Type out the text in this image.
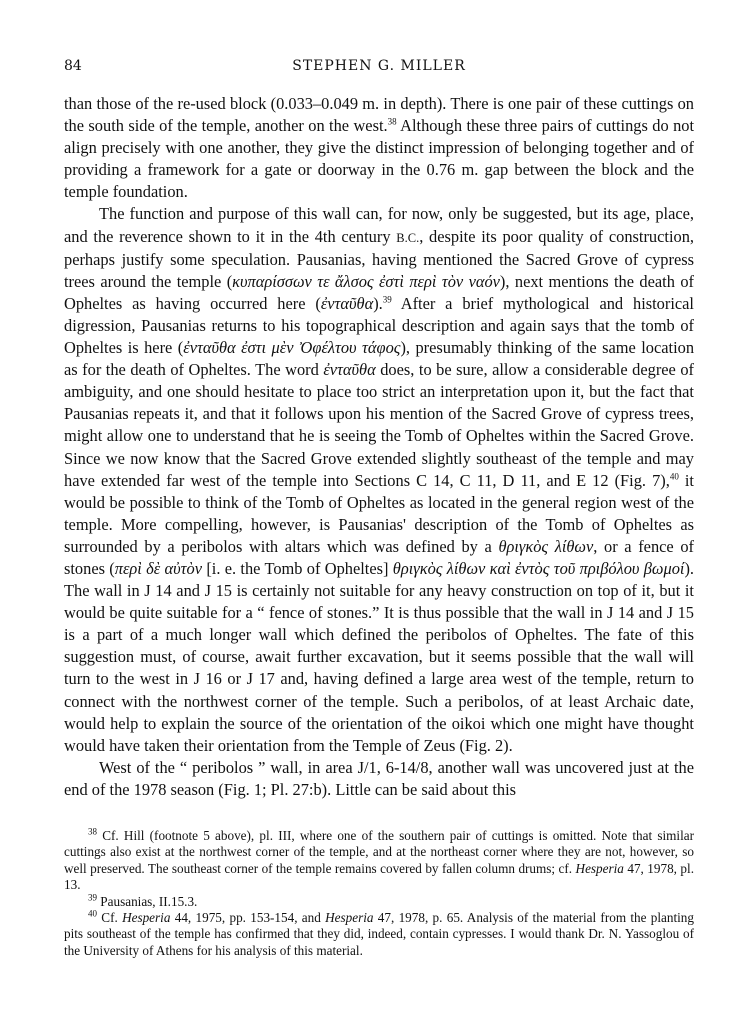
84	STEPHEN G. MILLER

than those of the re-used block (0.033–0.049 m. in depth). There is one pair of these cuttings on the south side of the temple, another on the west.$^{38}$ Although these three pairs of cuttings do not align precisely with one another, they give the distinct impression of belonging together and of providing a framework for a gate or doorway in the 0.76 m. gap between the block and the temple foundation.

The function and purpose of this wall can, for now, only be suggested, but its age, place, and the reverence shown to it in the 4th century B.C., despite its poor quality of construction, perhaps justify some speculation. Pausanias, having mentioned the Sacred Grove of cypress trees around the temple (κυπαρίσσων τε ἄλσος ἐστὶ περὶ τὸν ναόν), next mentions the death of Opheltes as having occurred here (ἐνταῦθα).$^{39}$ After a brief mythological and historical digression, Pausanias returns to his topographical description and again says that the tomb of Opheltes is here (ἐνταῦθα ἐστι μὲν Ὀφέλτου τάφος), presumably thinking of the same location as for the death of Opheltes. The word ἐνταῦθα does, to be sure, allow a considerable degree of ambiguity, and one should hesitate to place too strict an interpretation upon it, but the fact that Pausanias repeats it, and that it follows upon his mention of the Sacred Grove of cypress trees, might allow one to understand that he is seeing the Tomb of Opheltes within the Sacred Grove. Since we now know that the Sacred Grove extended slightly southeast of the temple and may have extended far west of the temple into Sections C 14, C 11, D 11, and E 12 (Fig. 7),$^{40}$ it would be possible to think of the Tomb of Opheltes as located in the general region west of the temple. More compelling, however, is Pausanias' description of the Tomb of Opheltes as surrounded by a peribolos with altars which was defined by a θριγκὸς λίθων, or a fence of stones (περὶ δὲ αὐτὸν [i. e. the Tomb of Opheltes] θριγκὸς λίθων καὶ ἐντὸς τοῦ πριβόλου βωμοί). The wall in J 14 and J 15 is certainly not suitable for any heavy construction on top of it, but it would be quite suitable for a “ fence of stones.” It is thus possible that the wall in J 14 and J 15 is a part of a much longer wall which defined the peribolos of Opheltes. The fate of this suggestion must, of course, await further excavation, but it seems possible that the wall will turn to the west in J 16 or J 17 and, having defined a large area west of the temple, return to connect with the northwest corner of the temple. Such a peribolos, of at least Archaic date, would help to explain the source of the orientation of the oikoi which one might have thought would have taken their orientation from the Temple of Zeus (Fig. 2).

West of the “ peribolos ” wall, in area J/1, 6-14/8, another wall was uncovered just at the end of the 1978 season (Fig. 1; Pl. 27:b). Little can be said about this

$^{38}$ Cf. Hill (footnote 5 above), pl. III, where one of the southern pair of cuttings is omitted. Note that similar cuttings also exist at the northwest corner of the temple, and at the northeast corner where they are not, however, so well preserved. The southeast corner of the temple remains covered by fallen column drums; cf. Hesperia 47, 1978, pl. 13.

$^{39}$ Pausanias, II.15.3.

$^{40}$ Cf. Hesperia 44, 1975, pp. 153-154, and Hesperia 47, 1978, p. 65. Analysis of the material from the planting pits southeast of the temple has confirmed that they did, indeed, contain cypresses. I would thank Dr. N. Yassoglou of the University of Athens for his analysis of this material.
